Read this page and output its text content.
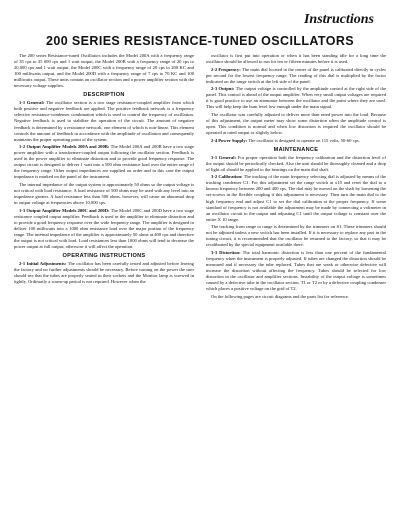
Instructions
200 SERIES RESISTANCE-TUNED OSCILLATORS

The 200 series Resistance-tuned Oscillators includes the Model 200A with a frequency range of 35 cps to 35 000 cps and 1 watt output, the Model 200B with a frequency range of 20 cps to 20,000 cps and 1 watt output, the Model 200C with a frequency range of 20 cps to 200 KC and 100 milliwatts output, and the Model 200D with a frequency range of 7 cps to 70 KC and 100 milliwatts output. These units contain an oscillator section and a power amplifier section with the necessary voltage supplies.

DESCRIPTION

1-1 General: The oscillator section is a two stage resistance-coupled amplifier from which both positive and negative feedback are applied. The positive feedback network is a frequency selective resistance-condenser combination which is used to control the frequency of oscillation. Negative feedback is used to stabilize the operation of the circuit. The amount of negative feedback is determined by a resistance network, one element of which is non-linear. This element controls the amount of feedback in accordance with the amplitude of oscillation and consequently maintains the proper operating point of the system.

1-2 Output Amplifier Models 200A and 200B: The Model 200A and 200B have a two stage power amplifier with a transformer-coupled output following the oscillator section. Feedback is used in the power amplifier to eliminate distortion and to provide good frequency response. The output circuit is designed to deliver 1 watt into a 500 ohm resistance load over the entire range of the frequency range. Other output impedances are supplied on order and in this case the output impedance is marked on the panel of the instrument.

The internal impedance of the output system is approximately 50 ohms so the output voltage is not critical with load resistance. A load resistance of 500 ohms may be used with any level into an impedance greater. A load resistance less than 500 ohms, however, will cause an abnormal drop in output voltage at frequencies above 10,000 cps.

1-3 Output Amplifier Models 200C and 200D: The Model 200C and 200D have a two stage resistance coupled output amplifier. Feedback is used in the amplifier to eliminate distortion and to provide a good frequency response over the wide frequency range. The amplifier is designed to deliver 100 milliwatts into a 1000 ohm resistance load over the major portion of the frequency range. The internal impedance of the amplifier is approximately 50 ohms at 400 cps and therefore the output is not critical with load. Load resistances less than 1000 ohms will tend to decrease the power output at full output; otherwise it will affect the operation.

OPERATING INSTRUCTIONS

2-1 Initial Adjustments: The oscillator has been carefully tested and adjusted before leaving the factory and no further adjustments should be necessary. Before turning on the power the user should see that the tubes are properly seated in their sockets and the Monitor lamp is screwed in tightly. Ordinarily a warm-up period is not required. However when the

oscillator is first put into operation or when it has been standing idle for a long time the oscillator should be allowed to run for ten or fifteen minutes before it is used.

2-2 Frequency: The main dial located in the center of the panel is calibrated directly in cycles per second for the lowest frequency range. The reading of this dial is multiplied by the factor indicated on the range switch at the left side of the panel.

2-3 Output: The output voltage is controlled by the amplitude control at the right side of the panel. This control is ahead of the output amplifier. When very small output voltages are required it is good practice to use an attenuator between the oscillator and the point where they are used. This will help keep the hum level low enough under the main signal.

The oscillator was carefully adjusted to deliver more than rated power into the load. Because of this adjustment, the output meter may show some distortion when the amplitude control is open. This condition is normal and when low distortion is required the oscillator should be operated at rated output or slightly below.

2-4 Power Supply: The oscillator is designed to operate on 115 volts, 50-60 cps.

MAINTENANCE

3-1 General: For proper operation both the frequency calibration and the distortion level of the output should be periodically checked. Also the unit should be thoroughly cleaned and a drop of light oil should be applied to the bearings on the main dial shaft.

3-2 Calibration: The tracking of the main frequency selecting dial is adjusted by means of the tracking condenser C1. For this adjustment set the range switch at x10 and reset the dial to a known frequency between 200 and 400 cps. The dial may be moved on the shaft by loosening the set-screws in the flexible coupling if this adjustment is necessary. Then turn the main dial to the high frequency end and adjust C1 to set the dial calibration at the proper frequency. If some standard of frequency is not available the adjustment may be made by connecting a voltmeter in an oscillator circuit to the output and adjusting C1 until the output voltage is constant over the entire X 10 range.

The tracking from range to range is determined by the trimmers on S1. These trimmers should not be adjusted unless a new switch has been installed. If it is necessary to replace any part in the tuning circuit, it is recommended that the oscillator be returned to the factory, so that it may be recalibrated by the special equipment available there.

3-3 Distortion: The total harmonic distortion is less than one percent of the fundamental frequency when the instrument is properly adjusted. If tubes are changed the distortion should be measured and if necessary the tube replaced. Tubes that are weak or otherwise defective will increase the distortion without affecting the frequency. Tubes should be selected for low distortion in the oscillator and amplifier sections. Instability of the output voltage is sometimes caused by a defective tube in the oscillator section, T1 or T2 or by a defective coupling condenser which places a positive voltage on the grid of T2.

On the following pages are circuit diagrams and the parts list for reference.
